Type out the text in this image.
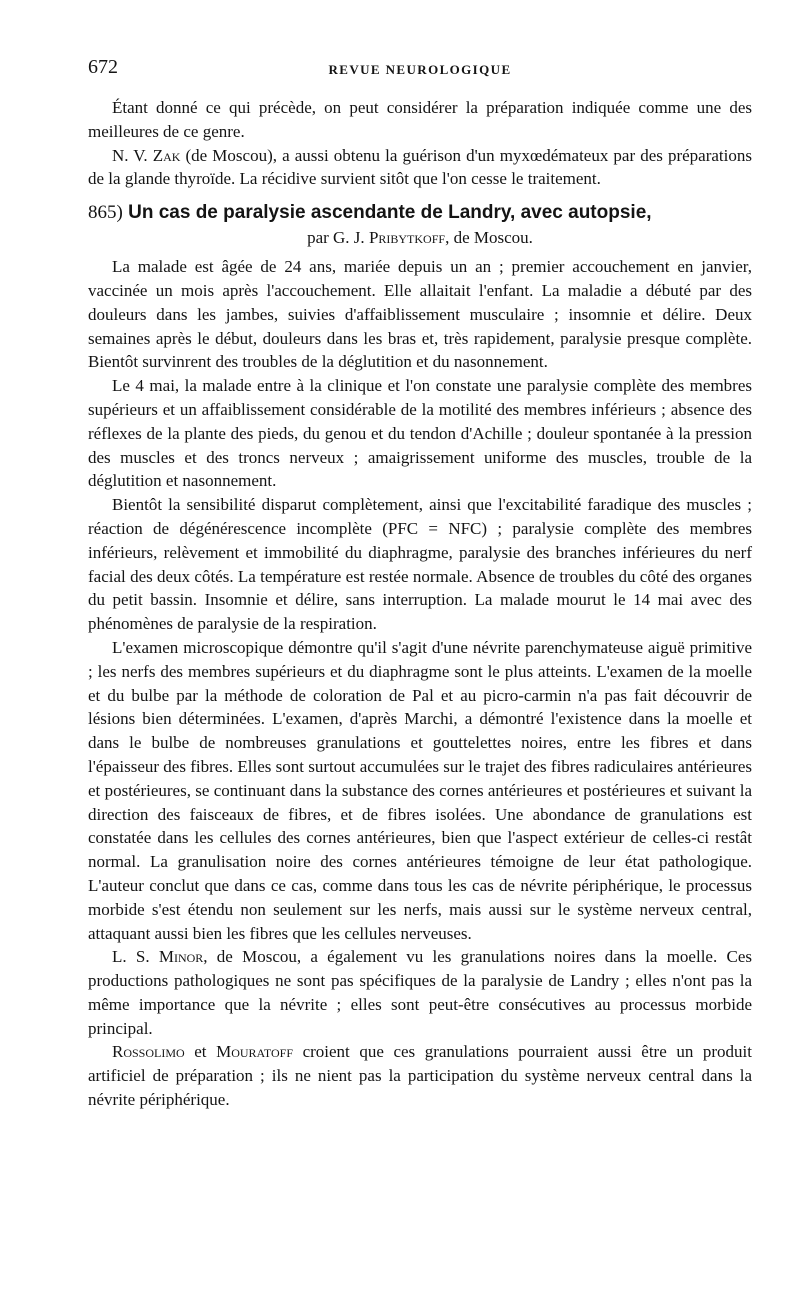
672	REVUE NEUROLOGIQUE

Étant donné ce qui précède, on peut considérer la préparation indiquée comme une des meilleures de ce genre.

N. V. Zak (de Moscou), a aussi obtenu la guérison d'un myxœdémateux par des préparations de la glande thyroïde. La récidive survient sitôt que l'on cesse le traitement.

865) Un cas de paralysie ascendante de Landry, avec autopsie,
par G. J. Pribytkoff, de Moscou.

La malade est âgée de 24 ans, mariée depuis un an ; premier accouchement en janvier, vaccinée un mois après l'accouchement. Elle allaitait l'enfant. La maladie a débuté par des douleurs dans les jambes, suivies d'affaiblissement musculaire ; insomnie et délire. Deux semaines après le début, douleurs dans les bras et, très rapidement, paralysie presque complète. Bientôt survinrent des troubles de la déglutition et du nasonnement.

Le 4 mai, la malade entre à la clinique et l'on constate une paralysie complète des membres supérieurs et un affaiblissement considérable de la motilité des membres inférieurs ; absence des réflexes de la plante des pieds, du genou et du tendon d'Achille ; douleur spontanée à la pression des muscles et des troncs nerveux ; amaigrissement uniforme des muscles, trouble de la déglutition et nasonnement.

Bientôt la sensibilité disparut complètement, ainsi que l'excitabilité faradique des muscles ; réaction de dégénérescence incomplète (PFC = NFC) ; paralysie complète des membres inférieurs, relèvement et immobilité du diaphragme, paralysie des branches inférieures du nerf facial des deux côtés. La température est restée normale. Absence de troubles du côté des organes du petit bassin. Insomnie et délire, sans interruption. La malade mourut le 14 mai avec des phénomènes de paralysie de la respiration.

L'examen microscopique démontre qu'il s'agit d'une névrite parenchymateuse aiguë primitive ; les nerfs des membres supérieurs et du diaphragme sont le plus atteints. L'examen de la moelle et du bulbe par la méthode de coloration de Pal et au picro-carmin n'a pas fait découvrir de lésions bien déterminées. L'examen, d'après Marchi, a démontré l'existence dans la moelle et dans le bulbe de nombreuses granulations et gouttelettes noires, entre les fibres et dans l'épaisseur des fibres. Elles sont surtout accumulées sur le trajet des fibres radiculaires antérieures et postérieures, se continuant dans la substance des cornes antérieures et postérieures et suivant la direction des faisceaux de fibres, et de fibres isolées. Une abondance de granulations est constatée dans les cellules des cornes antérieures, bien que l'aspect extérieur de celles-ci restât normal. La granulisation noire des cornes antérieures témoigne de leur état pathologique. L'auteur conclut que dans ce cas, comme dans tous les cas de névrite périphérique, le processus morbide s'est étendu non seulement sur les nerfs, mais aussi sur le système nerveux central, attaquant aussi bien les fibres que les cellules nerveuses.

L. S. Minor, de Moscou, a également vu les granulations noires dans la moelle. Ces productions pathologiques ne sont pas spécifiques de la paralysie de Landry ; elles n'ont pas la même importance que la névrite ; elles sont peut-être consécutives au processus morbide principal.

Rossolimo et Mouratoff croient que ces granulations pourraient aussi être un produit artificiel de préparation ; ils ne nient pas la participation du système nerveux central dans la névrite périphérique.
